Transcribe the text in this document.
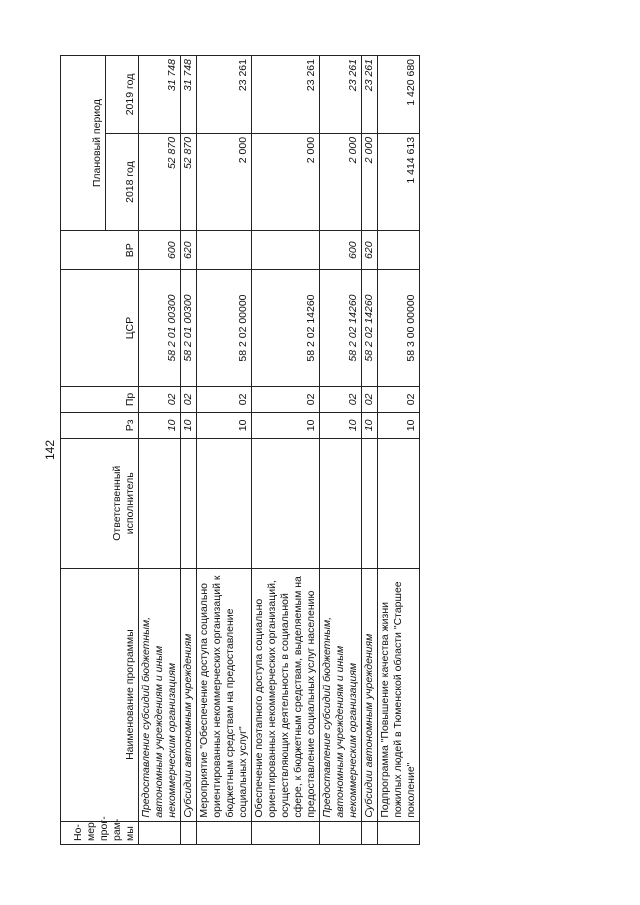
142
Но-мер прог-рам-мы	Наименование программы	Ответственный исполнитель	Рз	Пр	ЦСР	ВР	Плановый период	
							2018 год	2019 год
	Предоставление субсидий бюджетным, автономным учреждениям и иным некоммерческим организациям		10	02	58 2 01 00300	600	52 870	31 748
	Субсидии автономным учреждениям		10	02	58 2 01 00300	620	52 870	31 748
	Мероприятие "Обеспечение доступа социально ориентированных некоммерческих организаций к бюджетным средствам на предоставление социальных услуг"		10	02	58 2 02 00000		2 000	23 261
	Обеспечение поэтапного доступа социально ориентированных некоммерческих организаций, осуществляющих деятельность в социальной сфере, к бюджетным средствам, выделяемым на предоставление социальных услуг населению		10	02	58 2 02 14260		2 000	23 261
	Предоставление субсидий бюджетным, автономным учреждениям и иным некоммерческим организациям		10	02	58 2 02 14260	600	2 000	23 261
	Субсидии автономным учреждениям		10	02	58 2 02 14260	620	2 000	23 261
	Подпрограмма "Повышение качества жизни пожилых людей в Тюменской области "Старшее поколение"		10	02	58 3 00 00000		1 414 613	1 420 680
